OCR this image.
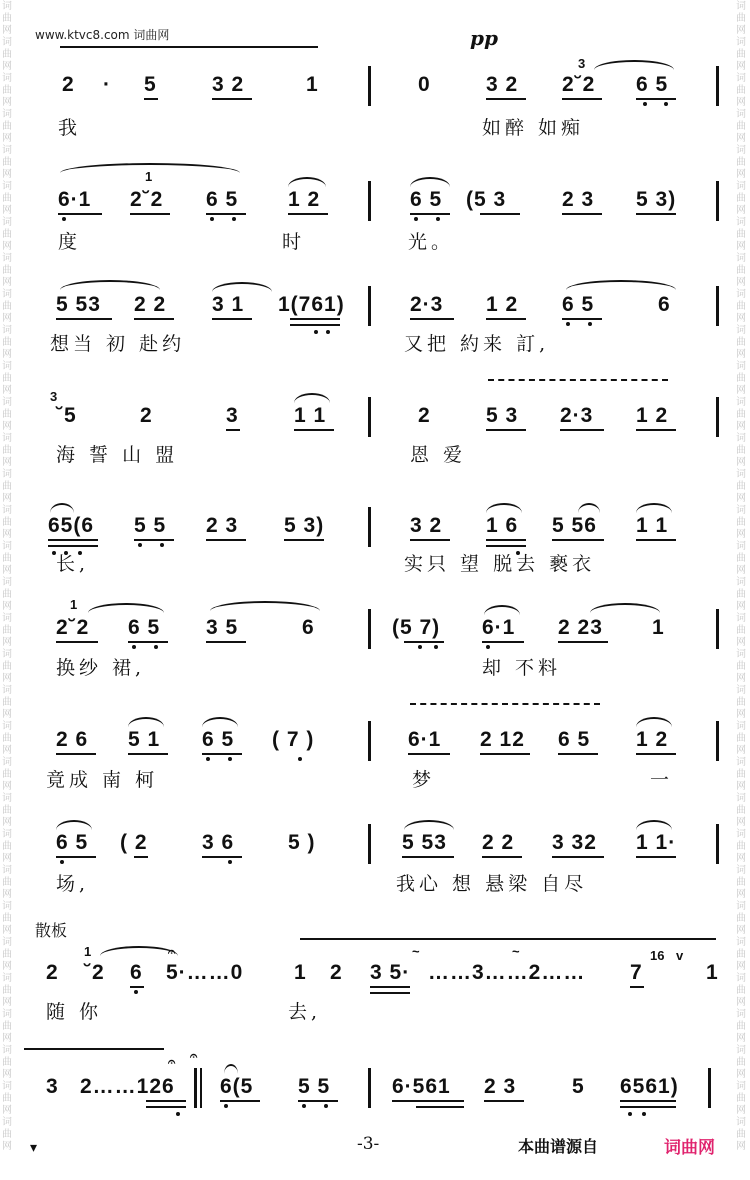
词
曲
网
词
曲
网
词
曲
网
词
曲
网
词
曲
网
词
曲
网
词
曲
网
词
曲
网
词
曲
网
词
曲
网
词
曲
网
词
曲
网
词
曲
网
词
曲
网
词
曲
网
词
曲
网
词
曲
网
词
曲
网
词
曲
网
词
曲
网
词
曲
网
词
曲
网
词
曲
网
词
曲
网
词
曲
网
词
曲
网
词
曲
网
词
曲
网
词
曲
网
词
曲
网
词
曲
网
词
曲
网
词
曲
网
词
曲
网
词
曲
网
词
曲
网
词
曲
网
词
曲
网
词
曲
网
词
曲
网
词
曲
网
词
曲
网
词
曲
网
词
曲
网
词
曲
网
词
曲
网
词
曲
网
词
曲
网
词
曲
网
词
曲
网
词
曲
网
词
曲
网
词
曲
网
词
曲
网
词
曲
网
词
曲
网
词
曲
网
词
曲
网
词
曲
网
词
曲
网
词
曲
网
词
曲
网
词
曲
网
词
曲
网
www.ktvc8.com 词曲网	pp
2 · 5	3 2	1	0	3 2
3
2˘2 6 5
我	如醉 如痴
6·1
1
2˘2 6 5 1 2	6 5 (5 3	2 3 5 3)
度	时	光。
5 53 2 2 3 1 1(761)	2·3 1 2 6 5	6
想当 初 赴约	又把 約来 訂,
3
˘5	2	3	1 1	2	5 3 2·3 1 2
海 誓 山 盟	恩 爱
65(6 5 5 2 3 5 3)	3 2 1 6 5 56 1 1
长,	实只 望 脱去 褻衣
1
2˘2 6 5 3 5	6	(5 7) 6·1 2 23 1
换纱 裙,	却 不料
2 6 5 1 6 5 ( 7 )	6·1 2 12 6 5 1 2
竟成 南 柯	梦	一
6 5 ( 2	3 6	5 )	5 53 2 2 3 32 1 1·
场,	我心 想 悬梁 自尽
散板
2
1
˘2 6 5·……0
𝄐
1 2 3 5· ……3……2……
~	~
7
16 v
1
随 你	去,
3 2……126
𝄐 𝄐
6(5 5 5	6·561 2 3	5 6561)
▾	-3-	本曲谱源自	词曲网
